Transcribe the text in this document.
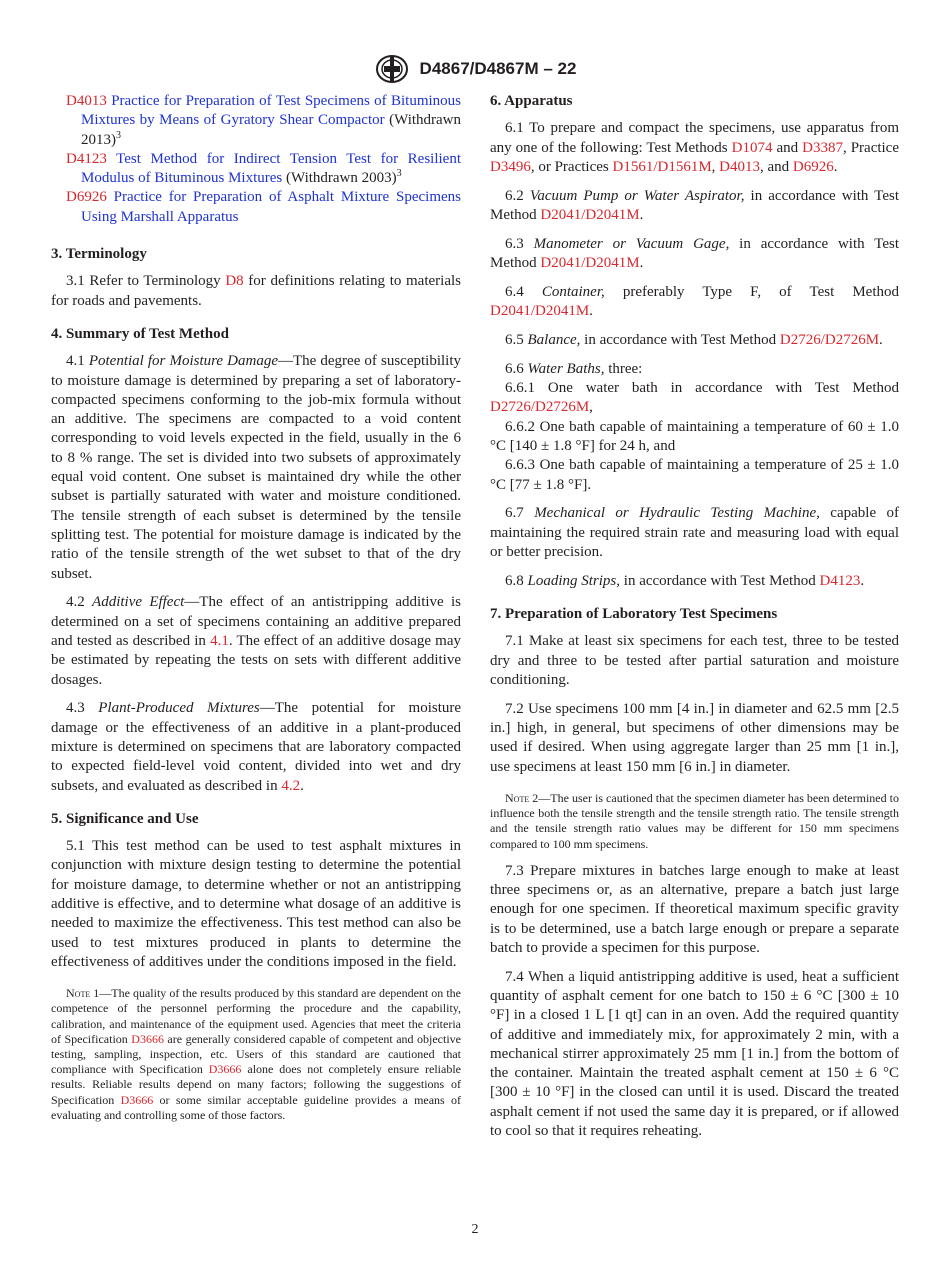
D4867/D4867M – 22
D4013 Practice for Preparation of Test Specimens of Bituminous Mixtures by Means of Gyratory Shear Compactor (Withdrawn 2013)$^3$
D4123 Test Method for Indirect Tension Test for Resilient Modulus of Bituminous Mixtures (Withdrawn 2003)$^3$
D6926 Practice for Preparation of Asphalt Mixture Specimens Using Marshall Apparatus
3. Terminology

3.1 Refer to Terminology D8 for definitions relating to materials for roads and pavements.

4. Summary of Test Method

4.1 Potential for Moisture Damage—The degree of susceptibility to moisture damage is determined by preparing a set of laboratory-compacted specimens conforming to the job-mix formula without an additive. The specimens are compacted to a void content corresponding to void levels expected in the field, usually in the 6 to 8 % range. The set is divided into two subsets of approximately equal void content. One subset is maintained dry while the other subset is partially saturated with water and moisture conditioned. The tensile strength of each subset is determined by the tensile splitting test. The potential for moisture damage is indicated by the ratio of the tensile strength of the wet subset to that of the dry subset.

4.2 Additive Effect—The effect of an antistripping additive is determined on a set of specimens containing an additive prepared and tested as described in 4.1. The effect of an additive dosage may be estimated by repeating the tests on sets with different additive dosages.

4.3 Plant-Produced Mixtures—The potential for moisture damage or the effectiveness of an additive in a plant-produced mixture is determined on specimens that are laboratory compacted to expected field-level void content, divided into wet and dry subsets, and evaluated as described in 4.2.

5. Significance and Use

5.1 This test method can be used to test asphalt mixtures in conjunction with mixture design testing to determine the potential for moisture damage, to determine whether or not an antistripping additive is effective, and to determine what dosage of an additive is needed to maximize the effectiveness. This test method can also be used to test mixtures produced in plants to determine the effectiveness of additives under the conditions imposed in the field.

Note 1—The quality of the results produced by this standard are dependent on the competence of the personnel performing the procedure and the capability, calibration, and maintenance of the equipment used. Agencies that meet the criteria of Specification D3666 are generally considered capable of competent and objective testing, sampling, inspection, etc. Users of this standard are cautioned that compliance with Specification D3666 alone does not completely ensure reliable results. Reliable results depend on many factors; following the suggestions of Specification D3666 or some similar acceptable guideline provides a means of evaluating and controlling some of those factors.
6. Apparatus

6.1 To prepare and compact the specimens, use apparatus from any one of the following: Test Methods D1074 and D3387, Practice D3496, or Practices D1561/D1561M, D4013, and D6926.

6.2 Vacuum Pump or Water Aspirator, in accordance with Test Method D2041/D2041M.

6.3 Manometer or Vacuum Gage, in accordance with Test Method D2041/D2041M.

6.4 Container, preferably Type F, of Test Method D2041/D2041M.

6.5 Balance, in accordance with Test Method D2726/D2726M.

6.6 Water Baths, three:

6.6.1 One water bath in accordance with Test Method D2726/D2726M,

6.6.2 One bath capable of maintaining a temperature of 60 ± 1.0 °C [140 ± 1.8 °F] for 24 h, and

6.6.3 One bath capable of maintaining a temperature of 25 ± 1.0 °C [77 ± 1.8 °F].

6.7 Mechanical or Hydraulic Testing Machine, capable of maintaining the required strain rate and measuring load with equal or better precision.

6.8 Loading Strips, in accordance with Test Method D4123.

7. Preparation of Laboratory Test Specimens

7.1 Make at least six specimens for each test, three to be tested dry and three to be tested after partial saturation and moisture conditioning.

7.2 Use specimens 100 mm [4 in.] in diameter and 62.5 mm [2.5 in.] high, in general, but specimens of other dimensions may be used if desired. When using aggregate larger than 25 mm [1 in.], use specimens at least 150 mm [6 in.] in diameter.

Note 2—The user is cautioned that the specimen diameter has been determined to influence both the tensile strength and the tensile strength ratio. The tensile strength and the tensile strength ratio values may be different for 150 mm specimens compared to 100 mm specimens.

7.3 Prepare mixtures in batches large enough to make at least three specimens or, as an alternative, prepare a batch just large enough for one specimen. If theoretical maximum specific gravity is to be determined, use a batch large enough or prepare a separate batch to provide a specimen for this purpose.

7.4 When a liquid antistripping additive is used, heat a sufficient quantity of asphalt cement for one batch to 150 ± 6 °C [300 ± 10 °F] in a closed 1 L [1 qt] can in an oven. Add the required quantity of additive and immediately mix, for approximately 2 min, with a mechanical stirrer approximately 25 mm [1 in.] from the bottom of the container. Maintain the treated asphalt cement at 150 ± 6 °C [300 ± 10 °F] in the closed can until it is used. Discard the treated asphalt cement if not used the same day it is prepared, or if allowed to cool so that it requires reheating.

2
